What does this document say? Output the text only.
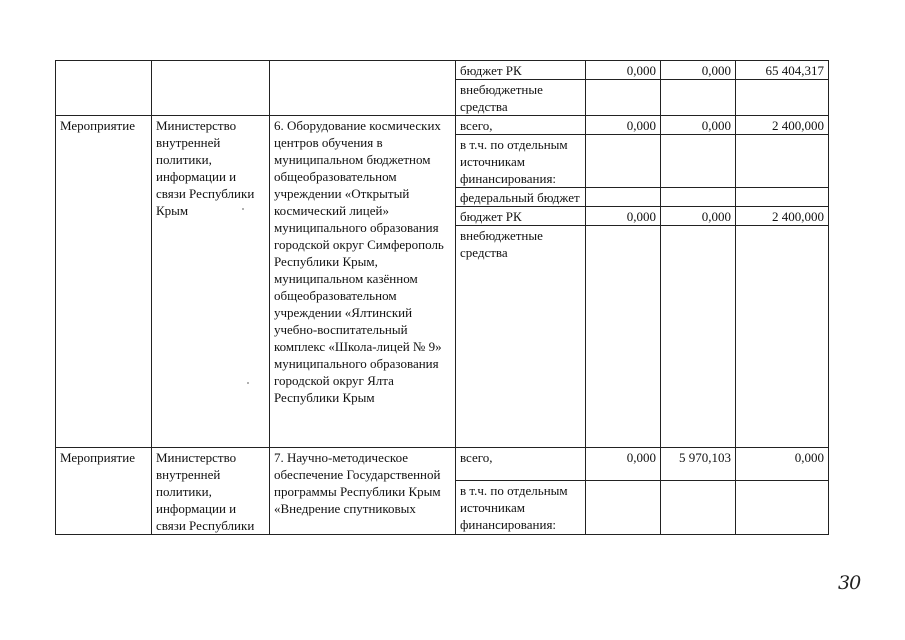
			бюджет РК	0,000	0,000	65 404,317
			внебюджетные средства			
Мероприятие	Министерство внутренней политики, информации и связи Республики Крым	6. Оборудование космических центров обучения в муниципальном бюджетном общеобразовательном учреждении «Открытый космический лицей» муниципального образования городской округ Симферополь Республики Крым, муниципальном казённом общеобразовательном учреждении «Ялтинский учебно-воспитательный комплекс «Школа-лицей № 9» муниципального образования городской округ Ялта Республики Крым	всего,	0,000	0,000	2 400,000
			в т.ч. по отдельным источникам финансирования:			
			федеральный бюджет			
			бюджет РК	0,000	0,000	2 400,000
			внебюджетные средства			
Мероприятие	Министерство внутренней политики, информации и связи Республики	7. Научно-методическое обеспечение Государственной программы Республики Крым «Внедрение спутниковых	всего,	0,000	5 970,103	0,000
			в т.ч. по отдельным источникам финансирования:			
30
